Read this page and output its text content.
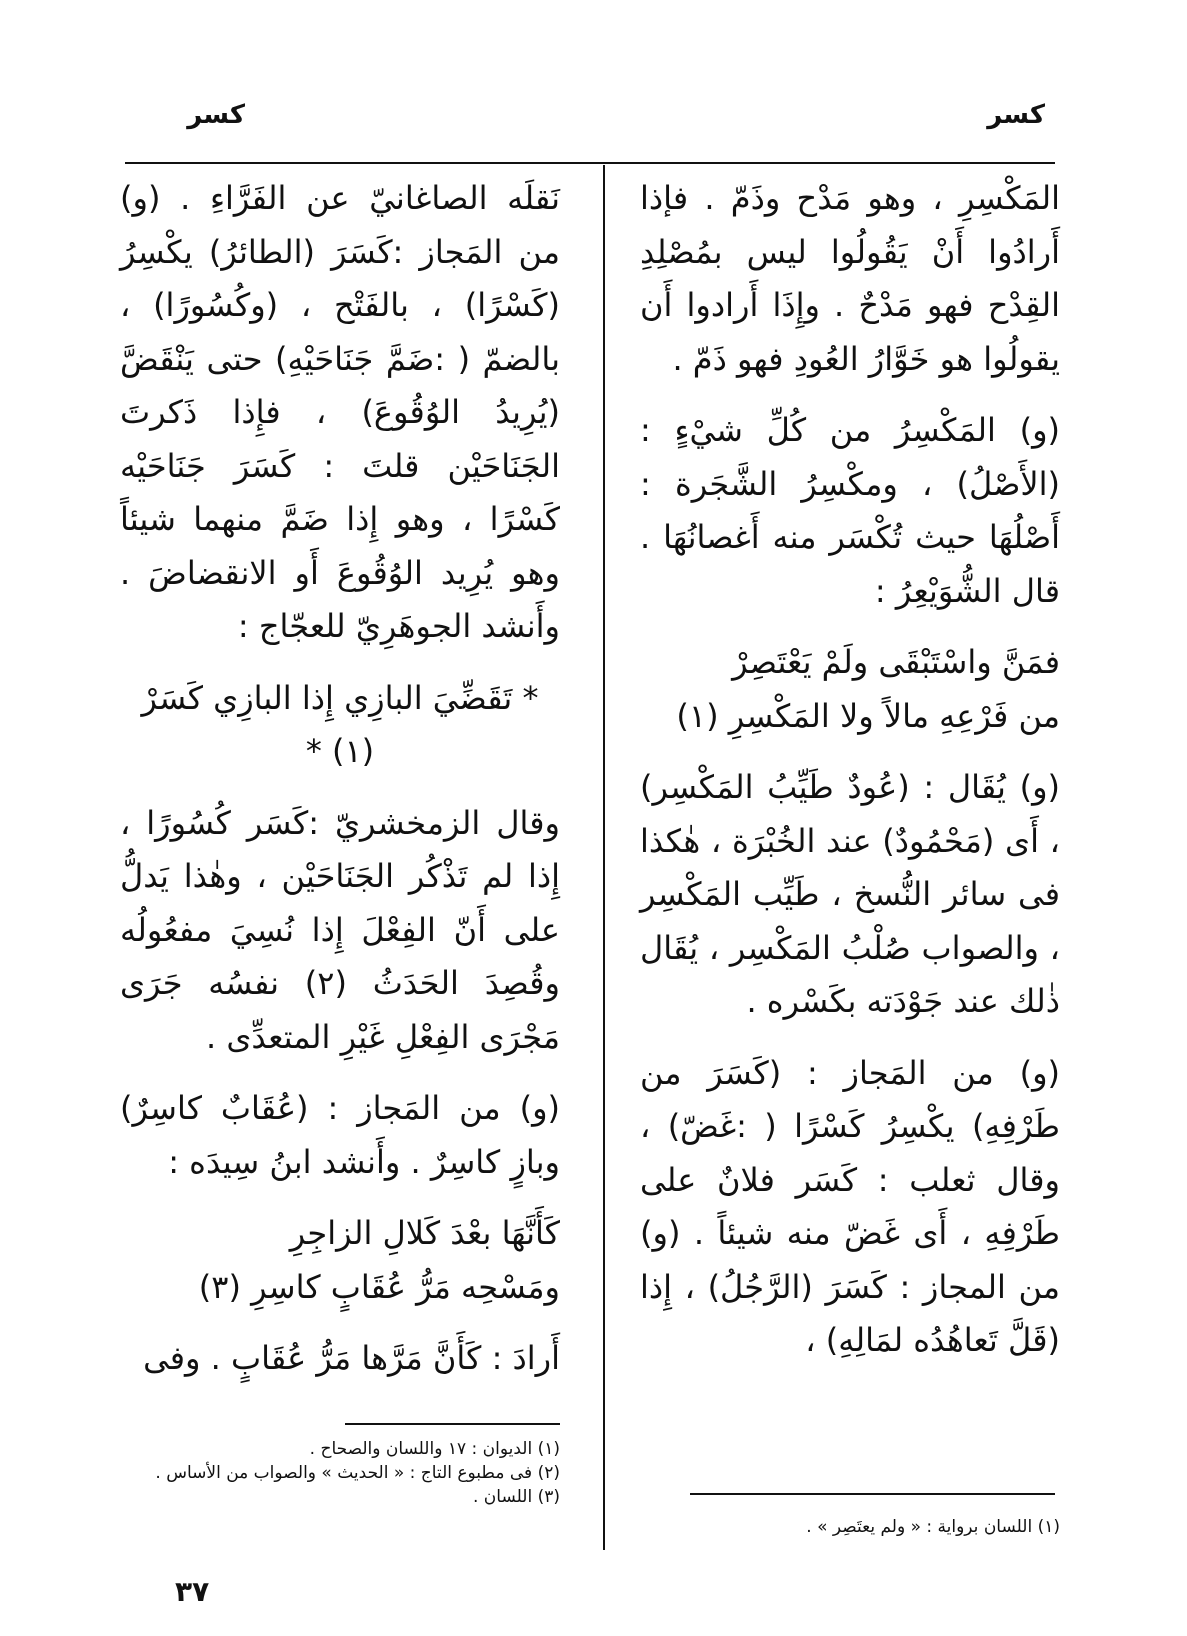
كسر
كسر

المَكْسِرِ ، وهو مَدْح وذَمّ . فإذا أَرادُوا أَنْ يَقُولُوا ليس بمُصْلِدِ القِدْح فهو مَدْحٌ . وإِذَا أَرادوا أَن يقولُوا هو خَوَّارُ العُودِ فهو ذَمّ .

(و) المَكْسِرُ من كُلِّ شيْءٍ : (الأَصْلُ) ، ومكْسِرُ الشَّجَرة : أَصْلُهَا حيث تُكْسَر منه أَغصانُهَا . قال الشُّوَيْعِرُ :

فمَنَّ واسْتَبْقَى ولَمْ يَعْتَصِرْ
من فَرْعِهِ مالاً ولا المَكْسِرِ (١)

(و) يُقَال : (عُودٌ طَيِّبُ المَكْسِر) ، أَى (مَحْمُودٌ) عند الخُبْرَة ، هٰكذا فى سائر النُّسخ ، طَيِّب المَكْسِر ، والصواب صُلْبُ المَكْسِر ، يُقَال ذٰلك عند جَوْدَته بكَسْره .

(و) من المَجاز : (كَسَرَ من طَرْفِهِ) يكْسِرُ كَسْرًا ( :غَضّ) ، وقال ثعلب : كَسَر فلانٌ على طَرْفِهِ ، أَى غَضّ منه شيئاً . (و) من المجاز : كَسَرَ (الرَّجُلُ) ، إِذا (قَلَّ تَعاهُدُه لمَالِهِ) ،

نَقلَه الصاغانيّ عن الفَرَّاءِ . (و) من المَجاز :كَسَرَ (الطائرُ) يكْسِرُ (كَسْرًا) ، بالفَتْح ، (وكُسُورًا) ، بالضمّ ( :ضَمَّ جَنَاحَيْهِ) حتى يَنْقَضَّ (يُرِيدُ الوُقُوعَ) ، فإِذا ذَكرتَ الجَنَاحَيْن قلتَ : كَسَرَ جَنَاحَيْه كَسْرًا ، وهو إِذا ضَمَّ منهما شيئاً وهو يُرِيد الوُقُوعَ أَو الانقضاضَ . وأَنشد الجوهَرِيّ للعجّاج :

* تَقَضِّيَ البازِي إِذا البازِي كَسَرْ (١) *

وقال الزمخشريّ :كَسَر كُسُورًا ، إِذا لم تَذْكُر الجَنَاحَيْن ، وهٰذا يَدلُّ على أَنّ الفِعْلَ إِذا نُسِيَ مفعُولُه وقُصِدَ الحَدَثُ (٢) نفسُه جَرَى مَجْرَى الفِعْلِ غَيْرِ المتعدِّى .

(و) من المَجاز : (عُقَابٌ كاسِرٌ) وبازٍ كاسِرٌ . وأَنشد ابنُ سِيدَه :

كَأَنَّهَا بعْدَ كَلالِ الزاجِرِ
ومَسْحِه مَرُّ عُقَابٍ كاسِرِ (٣)

أَرادَ : كَأَنَّ مَرَّها مَرُّ عُقَابٍ . وفى

(١) اللسان برواية : « ولم يعتَصِر » .
(١) الديوان : ١٧ واللسان والصحاح .
(٢) فى مطبوع التاج : « الحديث » والصواب من الأساس .
(٣) اللسان .
٣٧
